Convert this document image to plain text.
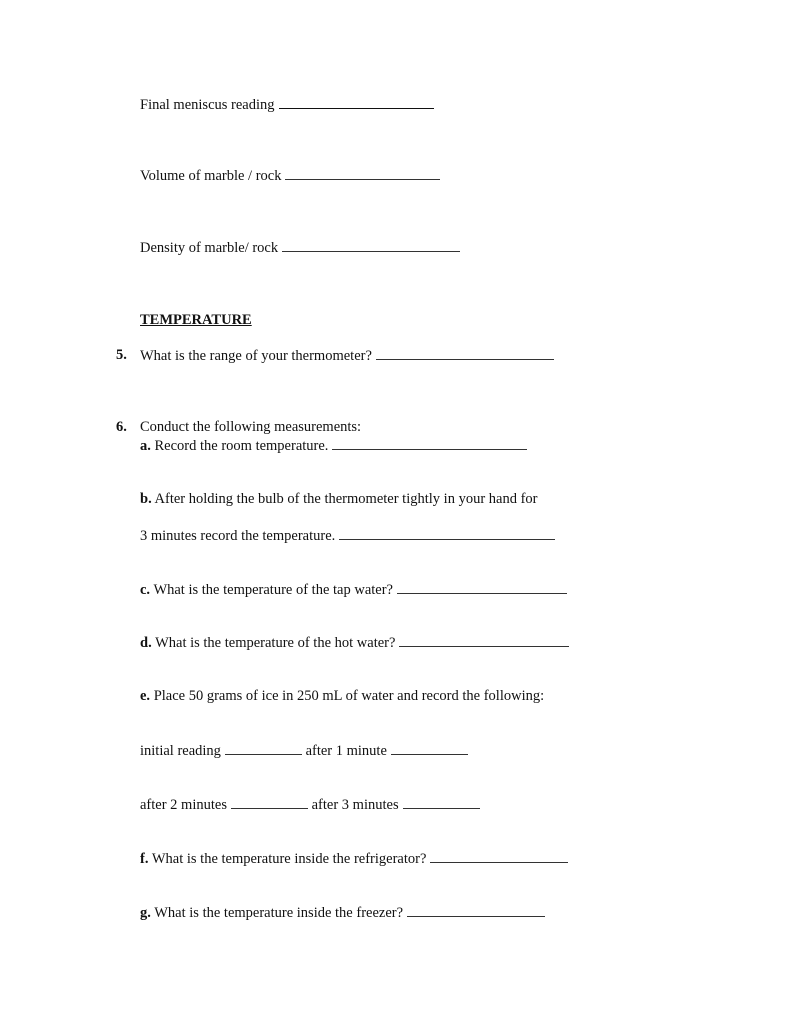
Final meniscus reading
Volume of marble / rock
Density of marble/ rock
TEMPERATURE
5. What is the range of your thermometer?
6. Conduct the following measurements:
a. Record the room temperature.
b. After holding the bulb of the thermometer tightly in your hand for
3 minutes record the temperature.
c. What is the temperature of the tap water?
d. What is the temperature of the hot water?
e. Place 50 grams of ice in 250 mL of water and record the following:
initial reading	after 1 minute
after 2 minutes	after 3 minutes
f. What is the temperature inside the refrigerator?
g. What is the temperature inside the freezer?
